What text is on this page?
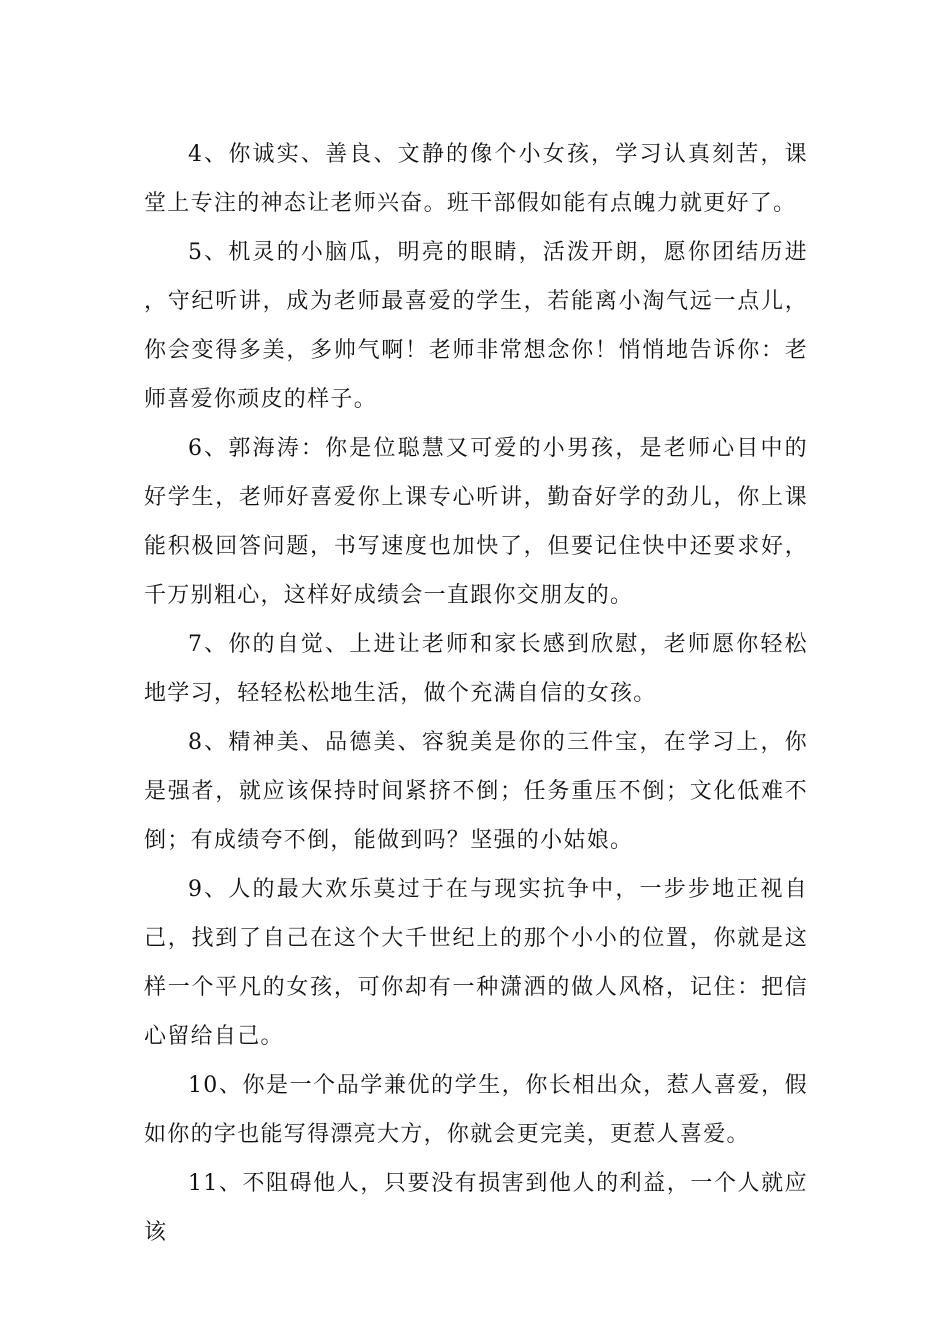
4、你诚实、善良、文静的像个小女孩，学习认真刻苦，课堂上专注的神态让老师兴奋。班干部假如能有点魄力就更好了。

5、机灵的小脑瓜，明亮的眼睛，活泼开朗，愿你团结历进，守纪听讲，成为老师最喜爱的学生，若能离小淘气远一点儿，你会变得多美，多帅气啊！老师非常想念你！悄悄地告诉你：老师喜爱你顽皮的样子。

6、郭海涛：你是位聪慧又可爱的小男孩，是老师心目中的好学生，老师好喜爱你上课专心听讲，勤奋好学的劲儿，你上课能积极回答问题，书写速度也加快了，但要记住快中还要求好，千万别粗心，这样好成绩会一直跟你交朋友的。

7、你的自觉、上进让老师和家长感到欣慰，老师愿你轻松地学习，轻轻松松地生活，做个充满自信的女孩。

8、精神美、品德美、容貌美是你的三件宝，在学习上，你是强者，就应该保持时间紧挤不倒；任务重压不倒；文化低难不倒；有成绩夸不倒，能做到吗？坚强的小姑娘。

9、人的最大欢乐莫过于在与现实抗争中，一步步地正视自己，找到了自己在这个大千世纪上的那个小小的位置，你就是这样一个平凡的女孩，可你却有一种潇洒的做人风格，记住：把信心留给自己。

10、你是一个品学兼优的学生，你长相出众，惹人喜爱，假如你的字也能写得漂亮大方，你就会更完美，更惹人喜爱。

11、不阻碍他人，只要没有损害到他人的利益，一个人就应该
